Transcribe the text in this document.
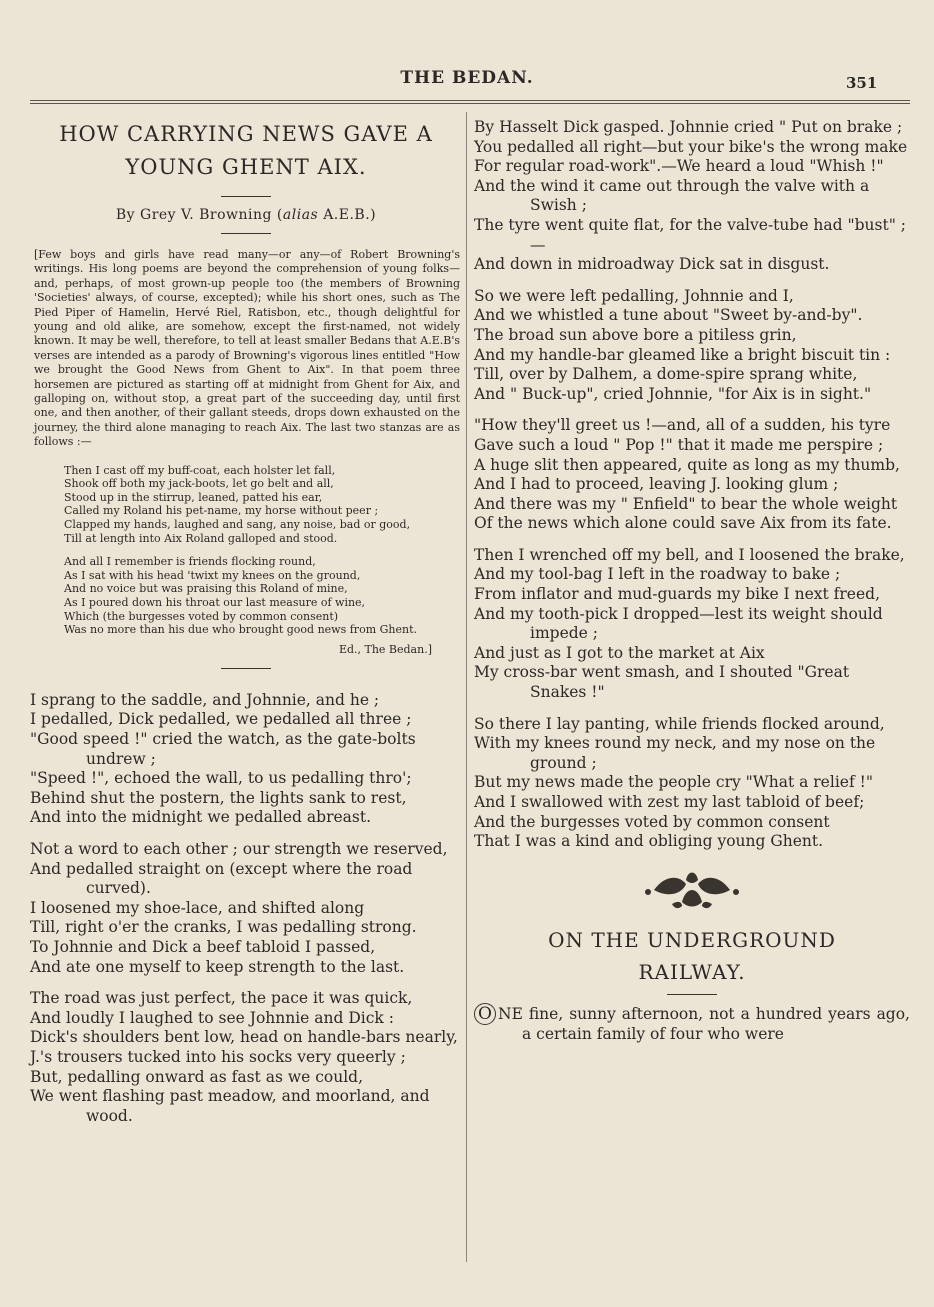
THE BEDAN.	351
HOW CARRYING NEWS GAVE A
YOUNG GHENT AIX.
By Grey V. Browning (alias A.E.B.)

[Few boys and girls have read many—or any—of Robert Browning's writings. His long poems are beyond the comprehension of young folks—and, perhaps, of most grown-up people too (the members of Browning 'Societies' always, of course, excepted); while his short ones, such as The Pied Piper of Hamelin, Hervé Riel, Ratisbon, etc., though delightful for young and old alike, are somehow, except the first-named, not widely known. It may be well, therefore, to tell at least smaller Bedans that A.E.B's verses are intended as a parody of Browning's vigorous lines entitled "How we brought the Good News from Ghent to Aix". In that poem three horsemen are pictured as starting off at midnight from Ghent for Aix, and galloping on, without stop, a great part of the succeeding day, until first one, and then another, of their gallant steeds, drops down exhausted on the journey, the third alone managing to reach Aix. The last two stanzas are as follows :—

Then I cast off my buff-coat, each holster let fall,

Shook off both my jack-boots, let go belt and all,

Stood up in the stirrup, leaned, patted his ear,

Called my Roland his pet-name, my horse without peer ;

Clapped my hands, laughed and sang, any noise, bad or good,

Till at length into Aix Roland galloped and stood.

And all I remember is friends flocking round,

As I sat with his head 'twixt my knees on the ground,

And no voice but was praising this Roland of mine,

As I poured down his throat our last measure of wine,

Which (the burgesses voted by common consent)

Was no more than his due who brought good news from Ghent.

Ed., The Bedan.]

I sprang to the saddle, and Johnnie, and he ;

I pedalled, Dick pedalled, we pedalled all three ;

"Good speed !" cried the watch, as the gate-bolts undrew ;

"Speed !", echoed the wall, to us pedalling thro';

Behind shut the postern, the lights sank to rest,

And into the midnight we pedalled abreast.

Not a word to each other ; our strength we reserved,

And pedalled straight on (except where the road curved).

I loosened my shoe-lace, and shifted along

Till, right o'er the cranks, I was pedalling strong.

To Johnnie and Dick a beef tabloid I passed,

And ate one myself to keep strength to the last.

The road was just perfect, the pace it was quick,

And loudly I laughed to see Johnnie and Dick :

Dick's shoulders bent low, head on handle-bars nearly,

J.'s trousers tucked into his socks very queerly ;

But, pedalling onward as fast as we could,

We went flashing past meadow, and moorland, and wood.

By Hasselt Dick gasped. Johnnie cried " Put on brake ;

You pedalled all right—but your bike's the wrong make

For regular road-work".—We heard a loud "Whish !"

And the wind it came out through the valve with a Swish ;

The tyre went quite flat, for the valve-tube had "bust" ;—

And down in midroadway Dick sat in disgust.

So we were left pedalling, Johnnie and I,

And we whistled a tune about "Sweet by-and-by".

The broad sun above bore a pitiless grin,

And my handle-bar gleamed like a bright biscuit tin :

Till, over by Dalhem, a dome-spire sprang white,

And " Buck-up", cried Johnnie, "for Aix is in sight."

"How they'll greet us !—and, all of a sudden, his tyre

Gave such a loud " Pop !" that it made me perspire ;

A huge slit then appeared, quite as long as my thumb,

And I had to proceed, leaving J. looking glum ;

And there was my " Enfield" to bear the whole weight

Of the news which alone could save Aix from its fate.

Then I wrenched off my bell, and I loosened the brake,

And my tool-bag I left in the roadway to bake ;

From inflator and mud-guards my bike I next freed,

And my tooth-pick I dropped—lest its weight should impede ;

And just as I got to the market at Aix

My cross-bar went smash, and I shouted "Great Snakes !"

So there I lay panting, while friends flocked around,

With my knees round my neck, and my nose on the ground ;

But my news made the people cry "What a relief !"

And I swallowed with zest my last tabloid of beef;

And the burgesses voted by common consent

That I was a kind and obliging young Ghent.

ON THE UNDERGROUND
RAILWAY.

O NE fine, sunny afternoon, not a hundred years ago, a certain family of four who were
